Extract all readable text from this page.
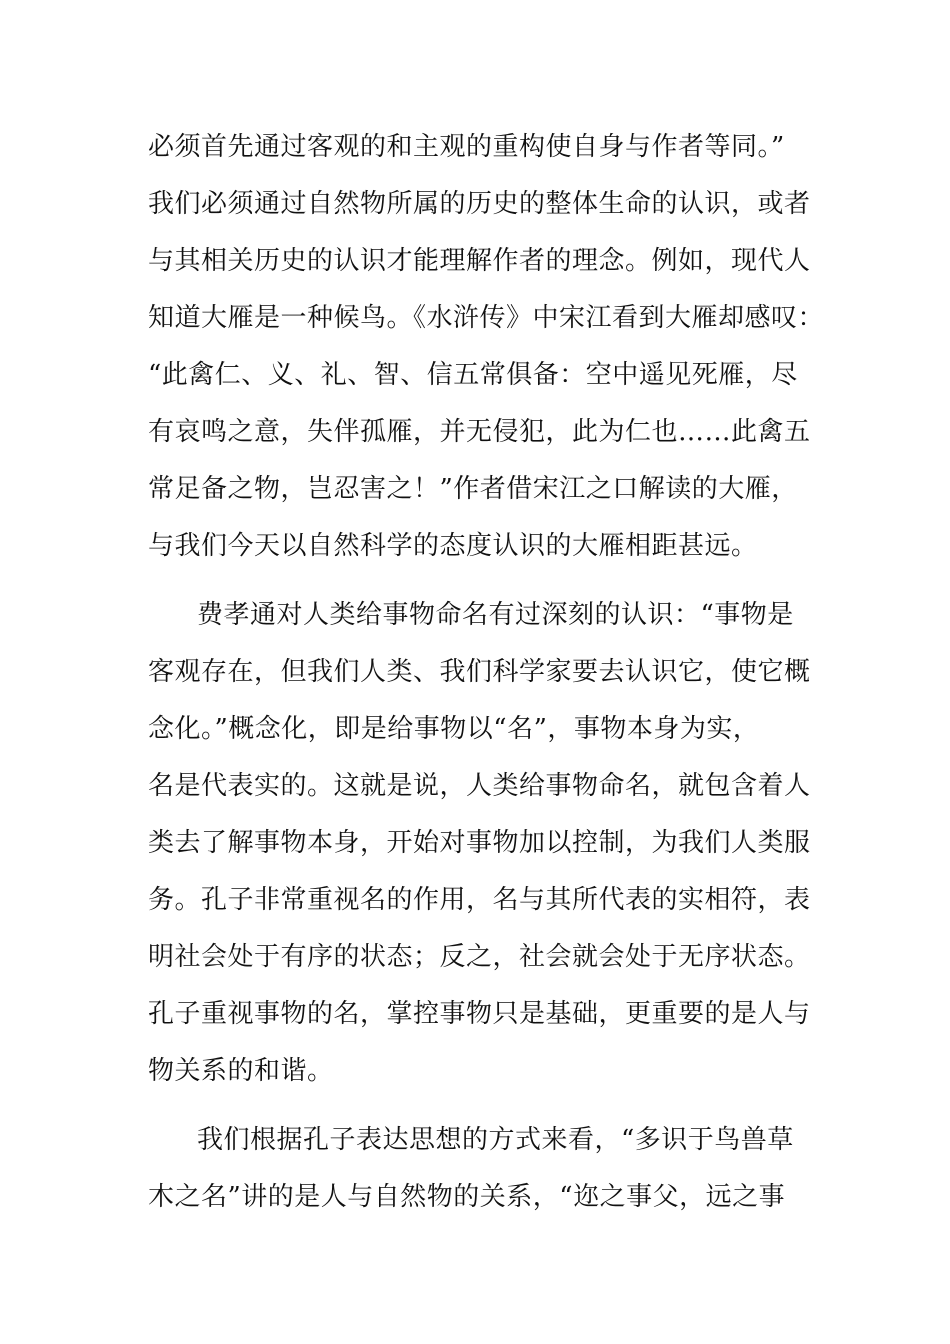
必须首先通过客观的和主观的重构使自身与作者等同。”
我们必须通过自然物所属的历史的整体生命的认识，或者
与其相关历史的认识才能理解作者的理念。例如，现代人
知道大雁是一种候鸟。《水浒传》中宋江看到大雁却感叹：
“此禽仁、义、礼、智、信五常俱备：空中遥见死雁，尽
有哀鸣之意，失伴孤雁，并无侵犯，此为仁也……此禽五
常足备之物，岂忍害之！”作者借宋江之口解读的大雁，
与我们今天以自然科学的态度认识的大雁相距甚远。
费孝通对人类给事物命名有过深刻的认识：“事物是
客观存在，但我们人类、我们科学家要去认识它，使它概
念化。”概念化，即是给事物以“名”，事物本身为实，
名是代表实的。这就是说，人类给事物命名，就包含着人
类去了解事物本身，开始对事物加以控制，为我们人类服
务。孔子非常重视名的作用，名与其所代表的实相符，表
明社会处于有序的状态；反之，社会就会处于无序状态。
孔子重视事物的名，掌控事物只是基础，更重要的是人与
物关系的和谐。
我们根据孔子表达思想的方式来看，“多识于鸟兽草
木之名”讲的是人与自然物的关系，“迩之事父，远之事
